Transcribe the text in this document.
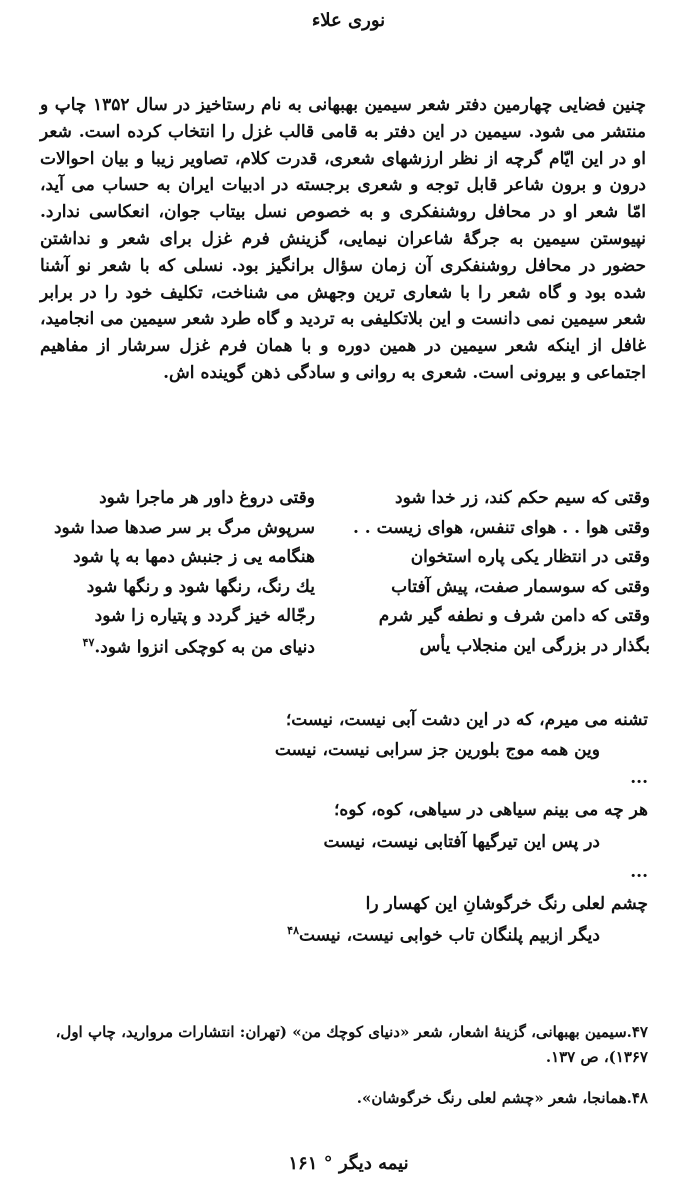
نوری علاء

چنین فضایی چهارمین دفتر شعر سیمین بهبهانی به نام رستاخیز در سال ۱۳۵۲ چاپ و منتشر می شود. سیمین در این دفتر به قامی قالب غزل را انتخاب کرده است. شعر او در این ایّام گرچه از نظر ارزشهای شعری، قدرت کلام، تصاویر زیبا و بیان احوالات درون و برون شاعر قابل توجه و شعری برجسته در ادبیات ایران به حساب می آید، امّا شعر او در محافل روشنفکری و به خصوص نسل بیتاب جوان، انعکاسی ندارد. نپیوستن سیمین به جرگهٔ شاعران نیمایی، گزینش فرم غزل برای شعر و نداشتن حضور در محافل روشنفکری آن زمان سؤال برانگیز بود. نسلی که با شعر نو آشنا شده بود و گاه شعر را با شعاری ترین وجهش می شناخت، تکلیف خود را در برابر شعر سیمین نمی دانست و این بلاتکلیفی به تردید و گاه طرد شعر سیمین می انجامید، غافل از اینکه شعر سیمین در همین دوره و با همان فرم غزل سرشار از مفاهیم اجتماعی و بیرونی است. شعری به روانی و سادگی ذهن گوینده اش.

وقتی که سیم حکم کند، زر خدا شود
وقتی دروغ داور هر ماجرا شود
وقتی هوا . . هوای تنفس، هوای زیست . .
سرپوش مرگ بر سر صدها صدا شود
وقتی در انتظار یکی پاره استخوان
هنگامه یی ز جنبش دمها به پا شود
وقتی که سوسمار صفت، پیش آفتاب
یك رنگ، رنگها شود و رنگها شود
وقتی که دامن شرف و نطفه گیر شرم
رجّاله خیز گردد و پتیاره زا شود
بگذار در بزرگی این منجلاب یأس
دنیای من به کوچکی انزوا شود.$^{۴۷}$
تشنه می میرم، که در این دشت آبی نیست، نیست؛
وین همه موج بلورین جز سرابی نیست، نیست
...
هر چه می بینم سیاهی در سیاهی، کوه، کوه؛
در پس این تیرگیها آفتابی نیست، نیست
...
چشم لعلی رنگ خرگوشانِ این کهسار را
دیگر ازبیم پلنگان تاب خوابی نیست، نیست$^{۴۸}$
۴۷.سیمین بهبهانی، گزینهٔ اشعار، شعر «دنیای کوچك من» (تهران: انتشارات مروارید، چاپ اول،
۱۳۶۷)، ص ۱۳۷.
۴۸.همانجا، شعر «چشم لعلی رنگ خرگوشان».
نیمه دیگر ° ۱۶۱
